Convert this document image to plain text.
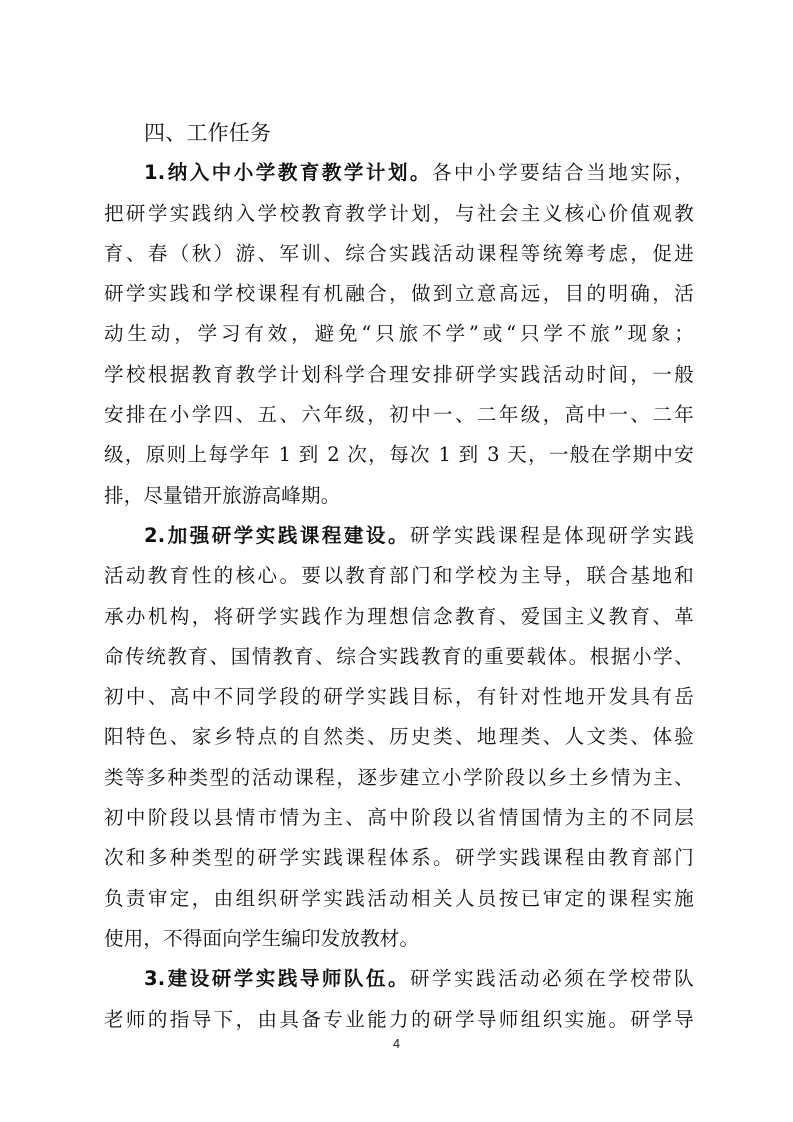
四、工作任务
1.纳入中小学教育教学计划。各中小学要结合当地实际，
把研学实践纳入学校教育教学计划，与社会主义核心价值观教
育、春（秋）游、军训、综合实践活动课程等统筹考虑，促进
研学实践和学校课程有机融合，做到立意高远，目的明确，活
动生动，学习有效，避免“只旅不学”或“只学不旅”现象；
学校根据教育教学计划科学合理安排研学实践活动时间，一般
安排在小学四、五、六年级，初中一、二年级，高中一、二年
级，原则上每学年 1 到 2 次，每次 1 到 3 天，一般在学期中安
排，尽量错开旅游高峰期。
2.加强研学实践课程建设。研学实践课程是体现研学实践
活动教育性的核心。要以教育部门和学校为主导，联合基地和
承办机构，将研学实践作为理想信念教育、爱国主义教育、革
命传统教育、国情教育、综合实践教育的重要载体。根据小学、
初中、高中不同学段的研学实践目标，有针对性地开发具有岳
阳特色、家乡特点的自然类、历史类、地理类、人文类、体验
类等多种类型的活动课程，逐步建立小学阶段以乡土乡情为主、
初中阶段以县情市情为主、高中阶段以省情国情为主的不同层
次和多种类型的研学实践课程体系。研学实践课程由教育部门
负责审定，由组织研学实践活动相关人员按已审定的课程实施
使用，不得面向学生编印发放教材。
3.建设研学实践导师队伍。研学实践活动必须在学校带队
老师的指导下，由具备专业能力的研学导师组织实施。研学导
4
